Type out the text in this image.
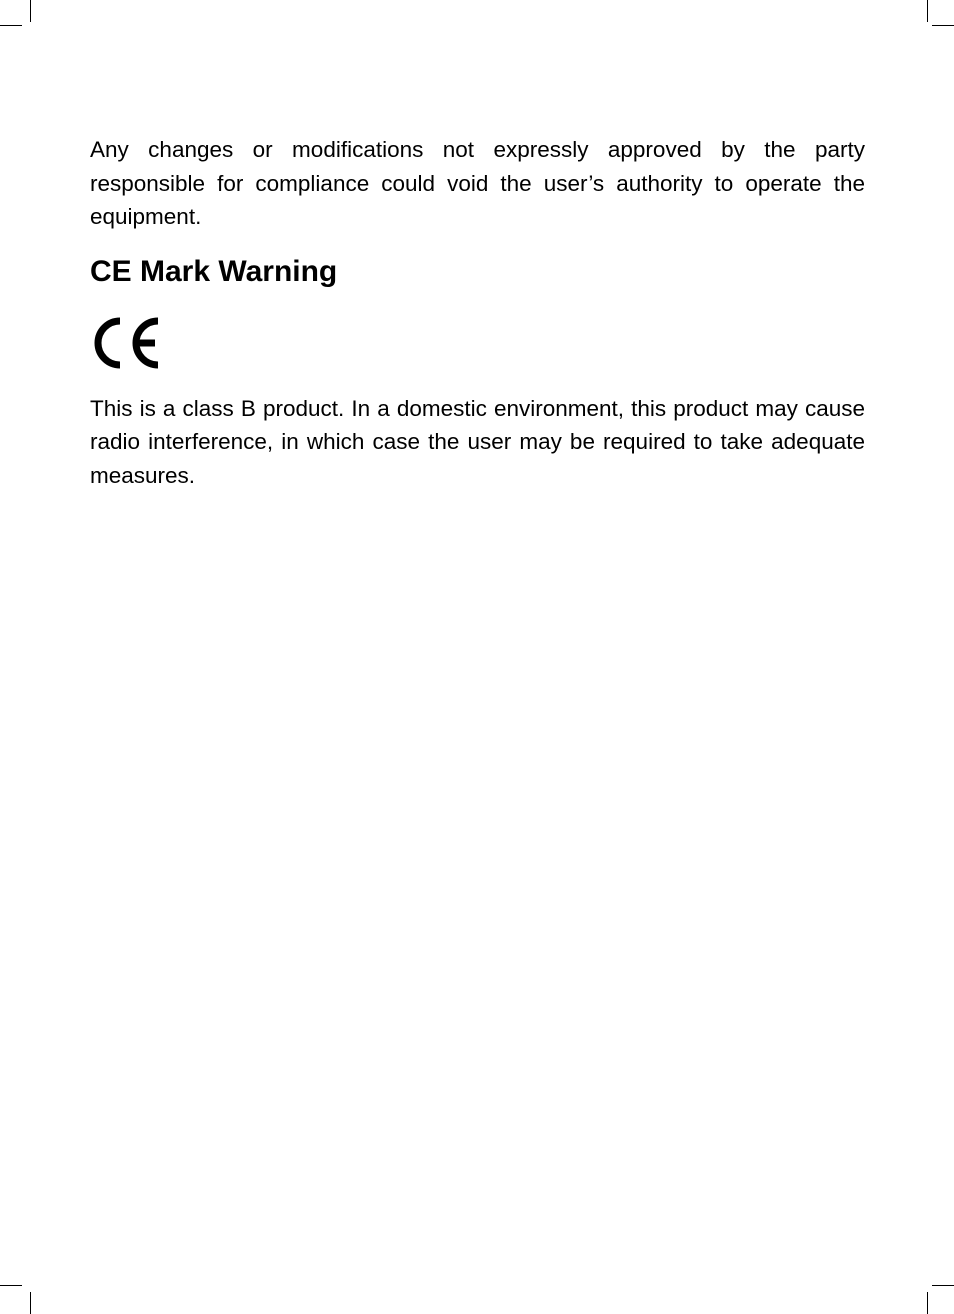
Any changes or modifications not expressly approved by the party responsible for compliance could void the user’s authority to operate the equipment.

CE Mark Warning

This is a class B product. In a domestic environment, this product may cause radio interference, in which case the user may be required to take adequate measures.
